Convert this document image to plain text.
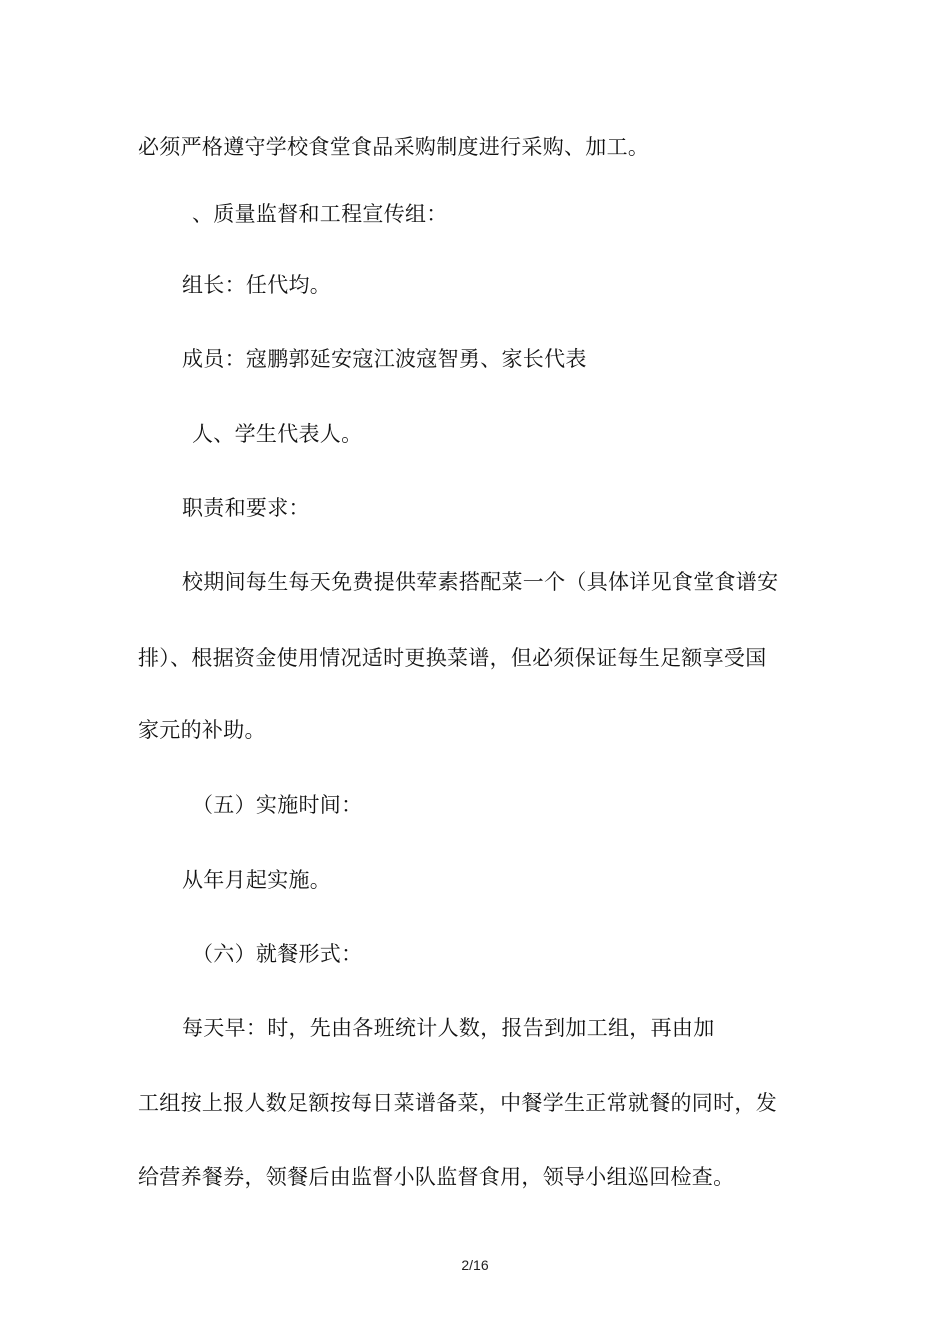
必须严格遵守学校食堂食品采购制度进行采购、加工。
、质量监督和工程宣传组：
组长：任代均。
成员：寇鹏郭延安寇江波寇智勇、家长代表
人、学生代表人。
职责和要求：
校期间每生每天免费提供荤素搭配菜一个（具体详见食堂食谱安
排）、根据资金使用情况适时更换菜谱，但必须保证每生足额享受国
家元的补助。
（五）实施时间：
从年月起实施。
（六）就餐形式：
每天早：时，先由各班统计人数，报告到加工组，再由加
工组按上报人数足额按每日菜谱备菜，中餐学生正常就餐的同时，发
给营养餐券，领餐后由监督小队监督食用，领导小组巡回检查。
2/16
